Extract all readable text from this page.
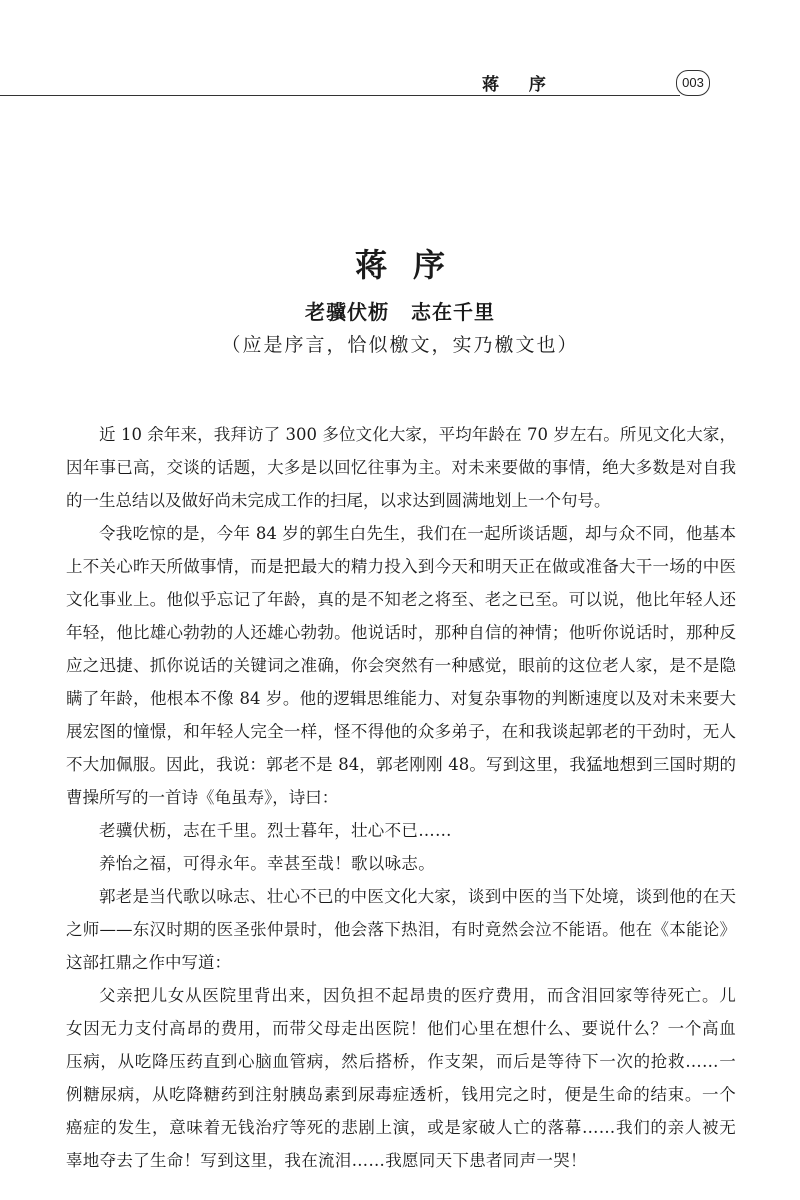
蒋 序	003
蒋序
老骥伏枥 志在千里
（应是序言，恰似檄文，实乃檄文也）

近 10 余年来，我拜访了 300 多位文化大家，平均年龄在 70 岁左右。所见文化大家，因年事已高，交谈的话题，大多是以回忆往事为主。对未来要做的事情，绝大多数是对自我的一生总结以及做好尚未完成工作的扫尾，以求达到圆满地划上一个句号。

令我吃惊的是，今年 84 岁的郭生白先生，我们在一起所谈话题，却与众不同，他基本上不关心昨天所做事情，而是把最大的精力投入到今天和明天正在做或准备大干一场的中医文化事业上。他似乎忘记了年龄，真的是不知老之将至、老之已至。可以说，他比年轻人还年轻，他比雄心勃勃的人还雄心勃勃。他说话时，那种自信的神情；他听你说话时，那种反应之迅捷、抓你说话的关键词之准确，你会突然有一种感觉，眼前的这位老人家，是不是隐瞒了年龄，他根本不像 84 岁。他的逻辑思维能力、对复杂事物的判断速度以及对未来要大展宏图的憧憬，和年轻人完全一样，怪不得他的众多弟子，在和我谈起郭老的干劲时，无人不大加佩服。因此，我说：郭老不是 84，郭老刚刚 48。写到这里，我猛地想到三国时期的曹操所写的一首诗《龟虽寿》，诗曰：

老骥伏枥，志在千里。烈士暮年，壮心不已……

养怡之福，可得永年。幸甚至哉！歌以咏志。

郭老是当代歌以咏志、壮心不已的中医文化大家，谈到中医的当下处境，谈到他的在天之师——东汉时期的医圣张仲景时，他会落下热泪，有时竟然会泣不能语。他在《本能论》这部扛鼎之作中写道：

父亲把儿女从医院里背出来，因负担不起昂贵的医疗费用，而含泪回家等待死亡。儿女因无力支付高昂的费用，而带父母走出医院！他们心里在想什么、要说什么？一个高血压病，从吃降压药直到心脑血管病，然后搭桥，作支架，而后是等待下一次的抢救……一例糖尿病，从吃降糖药到注射胰岛素到尿毒症透析，钱用完之时，便是生命的结束。一个癌症的发生，意味着无钱治疗等死的悲剧上演，或是家破人亡的落幕……我们的亲人被无辜地夺去了生命！写到这里，我在流泪……我愿同天下患者同声一哭！
